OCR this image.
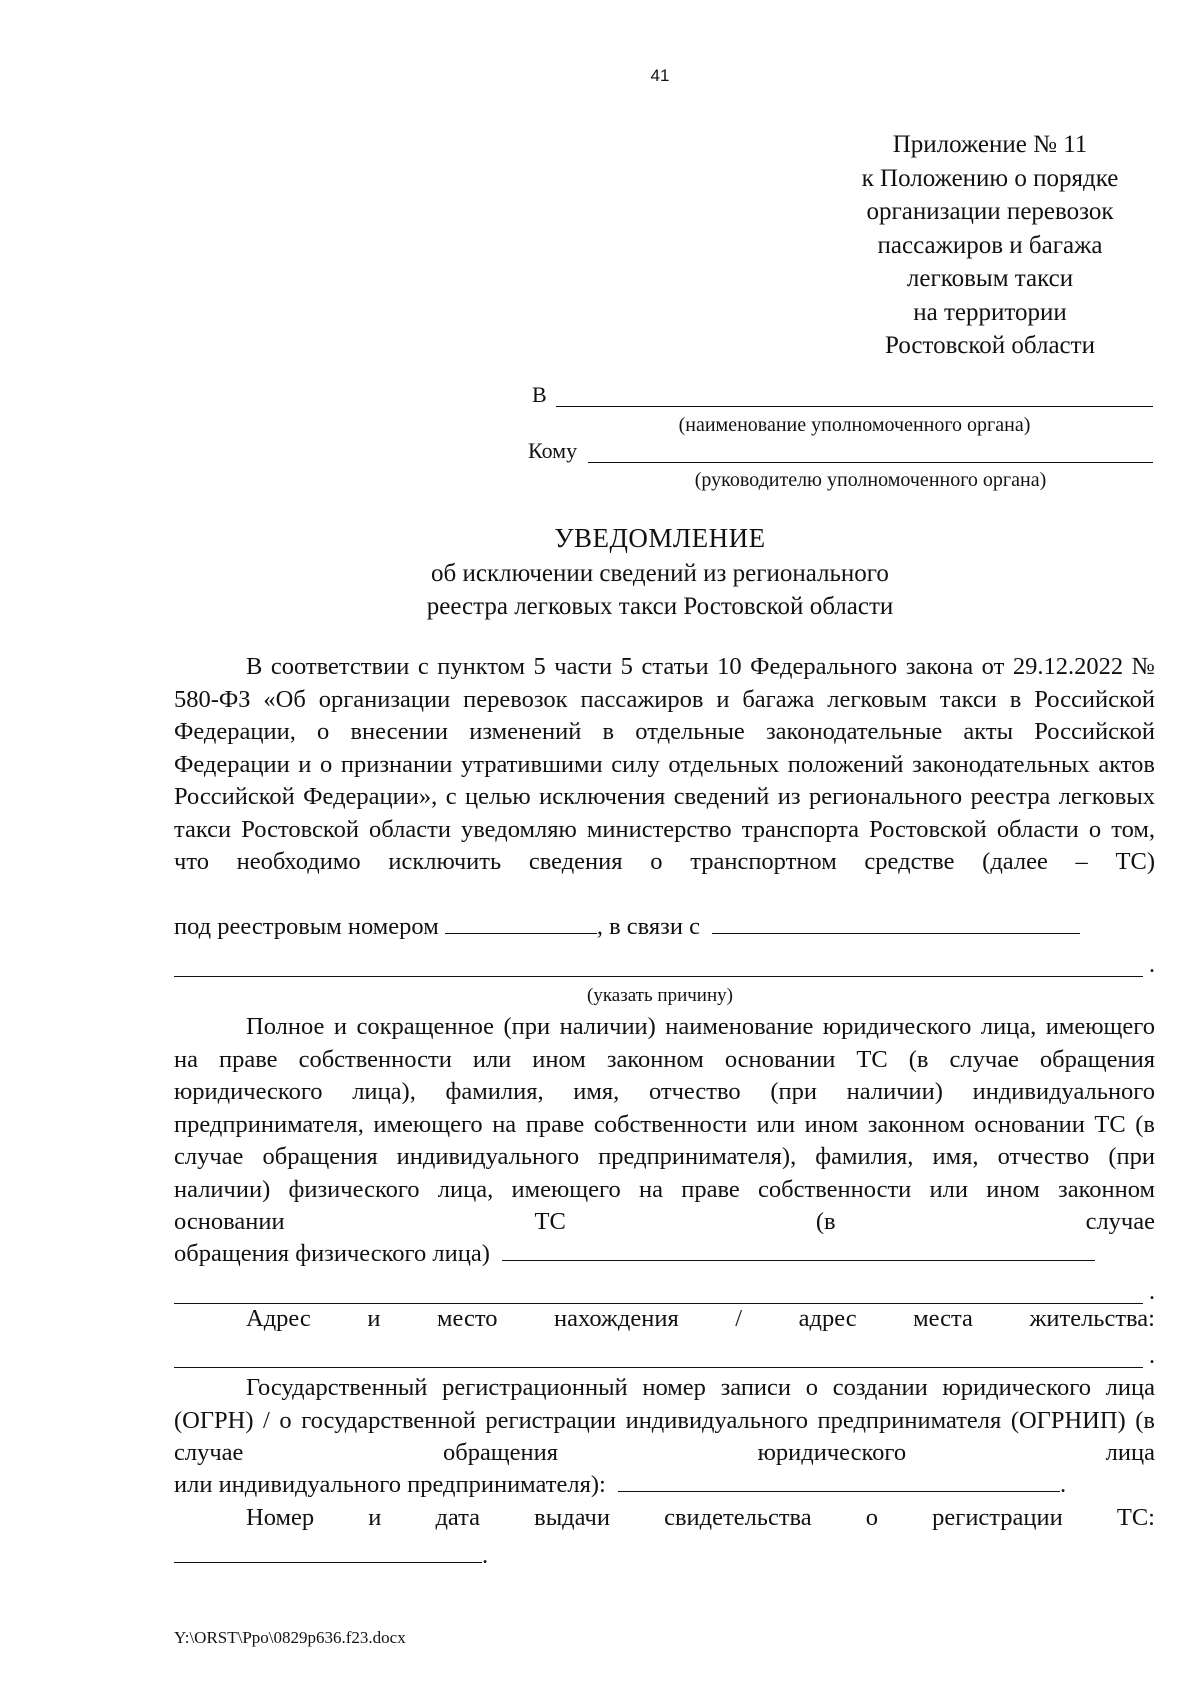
41
Приложение № 11
к Положению о порядке
организации перевозок
пассажиров и багажа
легковым такси
на территории
Ростовской области
В
(наименование уполномоченного органа)
Кому
(руководителю уполномоченного органа)
УВЕДОМЛЕНИЕ
об исключении сведений из регионального
реестра легковых такси Ростовской области
В соответствии с пунктом 5 части 5 статьи 10 Федерального закона от 29.12.2022 № 580-ФЗ «Об организации перевозок пассажиров и багажа легковым такси в Российской Федерации, о внесении изменений в отдельные законодательные акты Российской Федерации и о признании утратившими силу отдельных положений законодательных актов Российской Федерации», с целью исключения сведений из регионального реестра легковых такси Ростовской области уведомляю министерство транспорта Ростовской области о том, что необходимо исключить сведения о транспортном средстве (далее – ТС)
под реестровым номером	, в связи с
.
(указать причину)
Полное и сокращенное (при наличии) наименование юридического лица, имеющего на праве собственности или ином законном основании ТС (в случае обращения юридического лица), фамилия, имя, отчество (при наличии) индивидуального предпринимателя, имеющего на праве собственности или ином законном основании ТС (в случае обращения индивидуального предпринимателя), фамилия, имя, отчество (при наличии) физического лица, имеющего на праве собственности или ином законном основании ТС (в случае
обращения физического лица)
.
Адрес и место нахождения / адрес места жительства:
.
Государственный регистрационный номер записи о создании юридического лица (ОГРН) / о государственной регистрации индивидуального предпринимателя (ОГРНИП) (в случае обращения юридического лица
или индивидуального предпринимателя):	.
Номер и дата выдачи свидетельства о регистрации ТС:
.
Y:\ORST\Ppo\0829p636.f23.docx
